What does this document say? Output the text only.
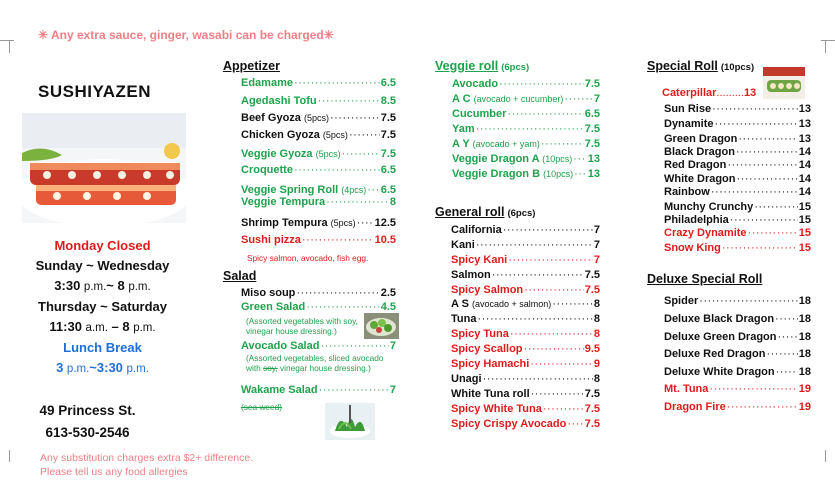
✳ Any extra sauce, ginger, wasabi can be charged✳
SUSHIYAZEN
Monday Closed
Sunday ~ Wednesday
3:30 p.m.~ 8 p.m.
Thursday ~ Saturday
11:30 a.m. – 8 p.m.
Lunch Break
3 p.m.~3:30 p.m.
49 Princess St.
613-530-2546
Any substitution charges extra $2+ difference.
Please tell us any food allergies
Appetizer
Edamame ·····	6.5
Agedashi Tofu ·····	8.5
Beef Gyoza (5pcs) ·····	7.5
Chicken Gyoza (5pcs) ·····	7.5
Veggie Gyoza (5pcs) ·····	7.5
Croquette ·····	6.5
Veggie Spring Roll (4pcs) ····· 6.5
Veggie Tempura ·····	8
Shrimp Tempura (5pcs) ····· 12.5
Sushi pizza ·····	10.5
Spicy salmon, avocado, fish egg.
Salad
Miso soup ·····	2.5
Green Salad ·····	4.5
(Assorted vegetables with soy,
vinegar house dressing.)
Avocado Salad ·····	7
(Assorted vegetables, sliced avocado
with soy, vinegar house dressing.)
Wakame Salad ·····	7
(sea weed)
Veggie roll (6pcs)
Avocado ·····	7.5
A C (avocado + cucumber) ·····	7
Cucumber ·····	6.5
Yam ·····	7.5
A Y (avocado + yam) ·····	7.5
Veggie Dragon A (10pcs) ····· 13
Veggie Dragon B (10pcs) ····· 13
General roll (6pcs)
California ·····	7
Kani ·····	7
Spicy Kani ·····	7
Salmon ·····	7.5
Spicy Salmon ·····	7.5
A S (avocado + salmon) ·····	8
Tuna ·····	8
Spicy Tuna ·····	8
Spicy Scallop ·····	9.5
Spicy Hamachi ·····	9
Unagi ·····	8
White Tuna roll ·····	7.5
Spicy White Tuna ·····	7.5
Spicy Crispy Avocado ····· 7.5
Special Roll (10pcs)
Caterpillar ......... 13
Sun Rise ·····	13
Dynamite ·····	13
Green Dragon ·····	13
Black Dragon ·····	14
Red Dragon ·····	14
White Dragon ·····	14
Rainbow ·····	14
Munchy Crunchy ·····	15
Philadelphia ·····	15
Crazy Dynamite ·····	15
Snow King ·····	15
Deluxe Special Roll
Spider ·····	18
Deluxe Black Dragon ····· 18
Deluxe Green Dragon ····· 18
Deluxe Red Dragon ·····	18
Deluxe White Dragon ····· 18
Mt. Tuna ·····	19
Dragon Fire ·····	19
